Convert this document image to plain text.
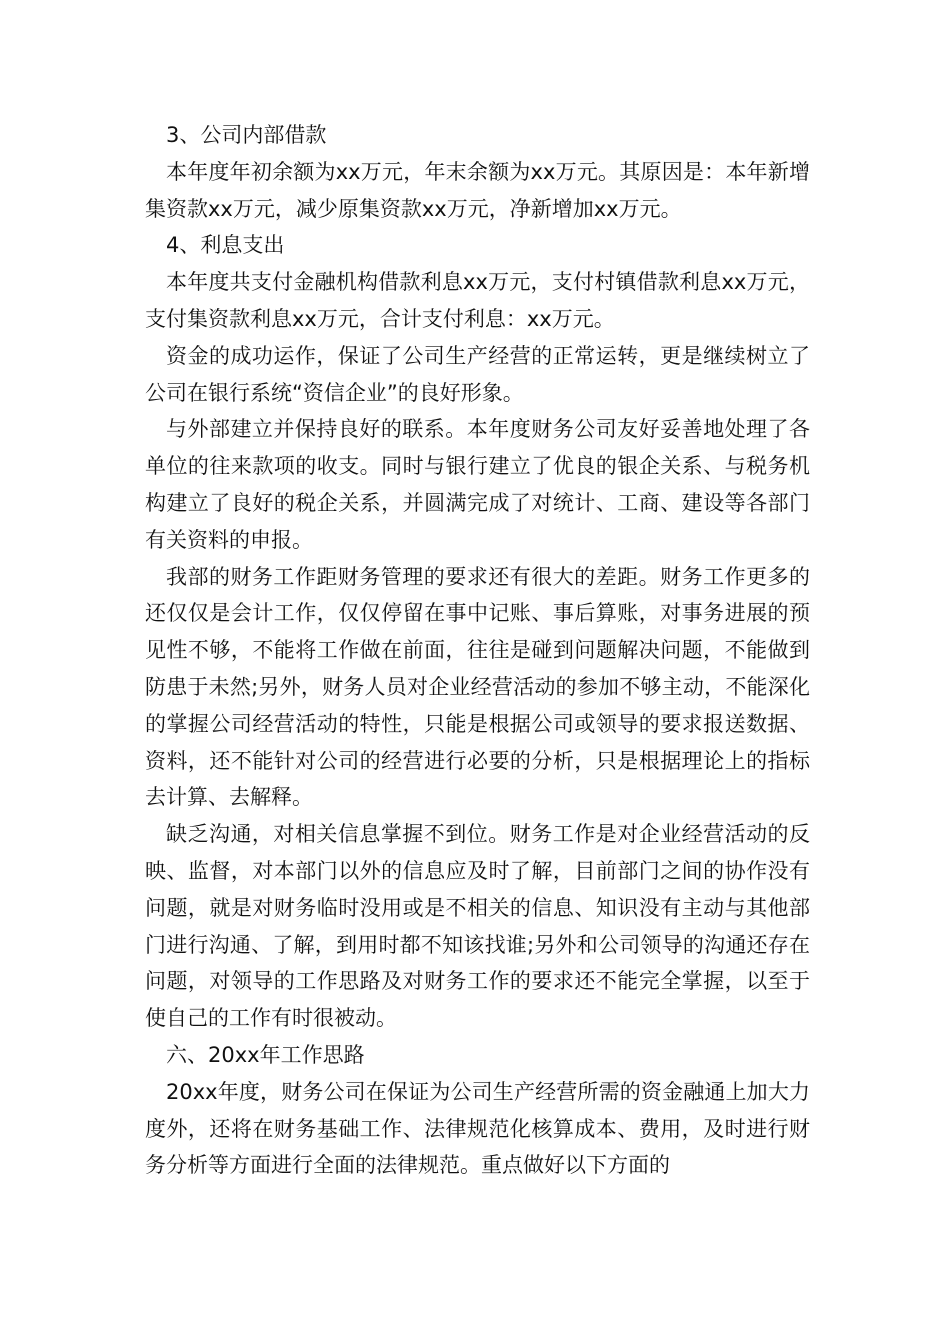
3、公司内部借款

本年度年初余额为xx万元，年末余额为xx万元。其原因是：本年新增集资款xx万元，减少原集资款xx万元，净新增加xx万元。

4、利息支出

本年度共支付金融机构借款利息xx万元，支付村镇借款利息xx万元，支付集资款利息xx万元，合计支付利息：xx万元。

资金的成功运作，保证了公司生产经营的正常运转，更是继续树立了公司在银行系统“资信企业”的良好形象。

与外部建立并保持良好的联系。本年度财务公司友好妥善地处理了各单位的往来款项的收支。同时与银行建立了优良的银企关系、与税务机构建立了良好的税企关系，并圆满完成了对统计、工商、建设等各部门有关资料的申报。

我部的财务工作距财务管理的要求还有很大的差距。财务工作更多的还仅仅是会计工作，仅仅停留在事中记账、事后算账，对事务进展的预见性不够，不能将工作做在前面，往往是碰到问题解决问题，不能做到防患于未然;另外，财务人员对企业经营活动的参加不够主动，不能深化的掌握公司经营活动的特性，只能是根据公司或领导的要求报送数据、资料，还不能针对公司的经营进行必要的分析，只是根据理论上的指标去计算、去解释。

缺乏沟通，对相关信息掌握不到位。财务工作是对企业经营活动的反映、监督，对本部门以外的信息应及时了解，目前部门之间的协作没有问题，就是对财务临时没用或是不相关的信息、知识没有主动与其他部门进行沟通、了解，到用时都不知该找谁;另外和公司领导的沟通还存在问题，对领导的工作思路及对财务工作的要求还不能完全掌握，以至于使自己的工作有时很被动。

六、20xx年工作思路

20xx年度，财务公司在保证为公司生产经营所需的资金融通上加大力度外，还将在财务基础工作、法律规范化核算成本、费用，及时进行财务分析等方面进行全面的法律规范。重点做好以下方面的
